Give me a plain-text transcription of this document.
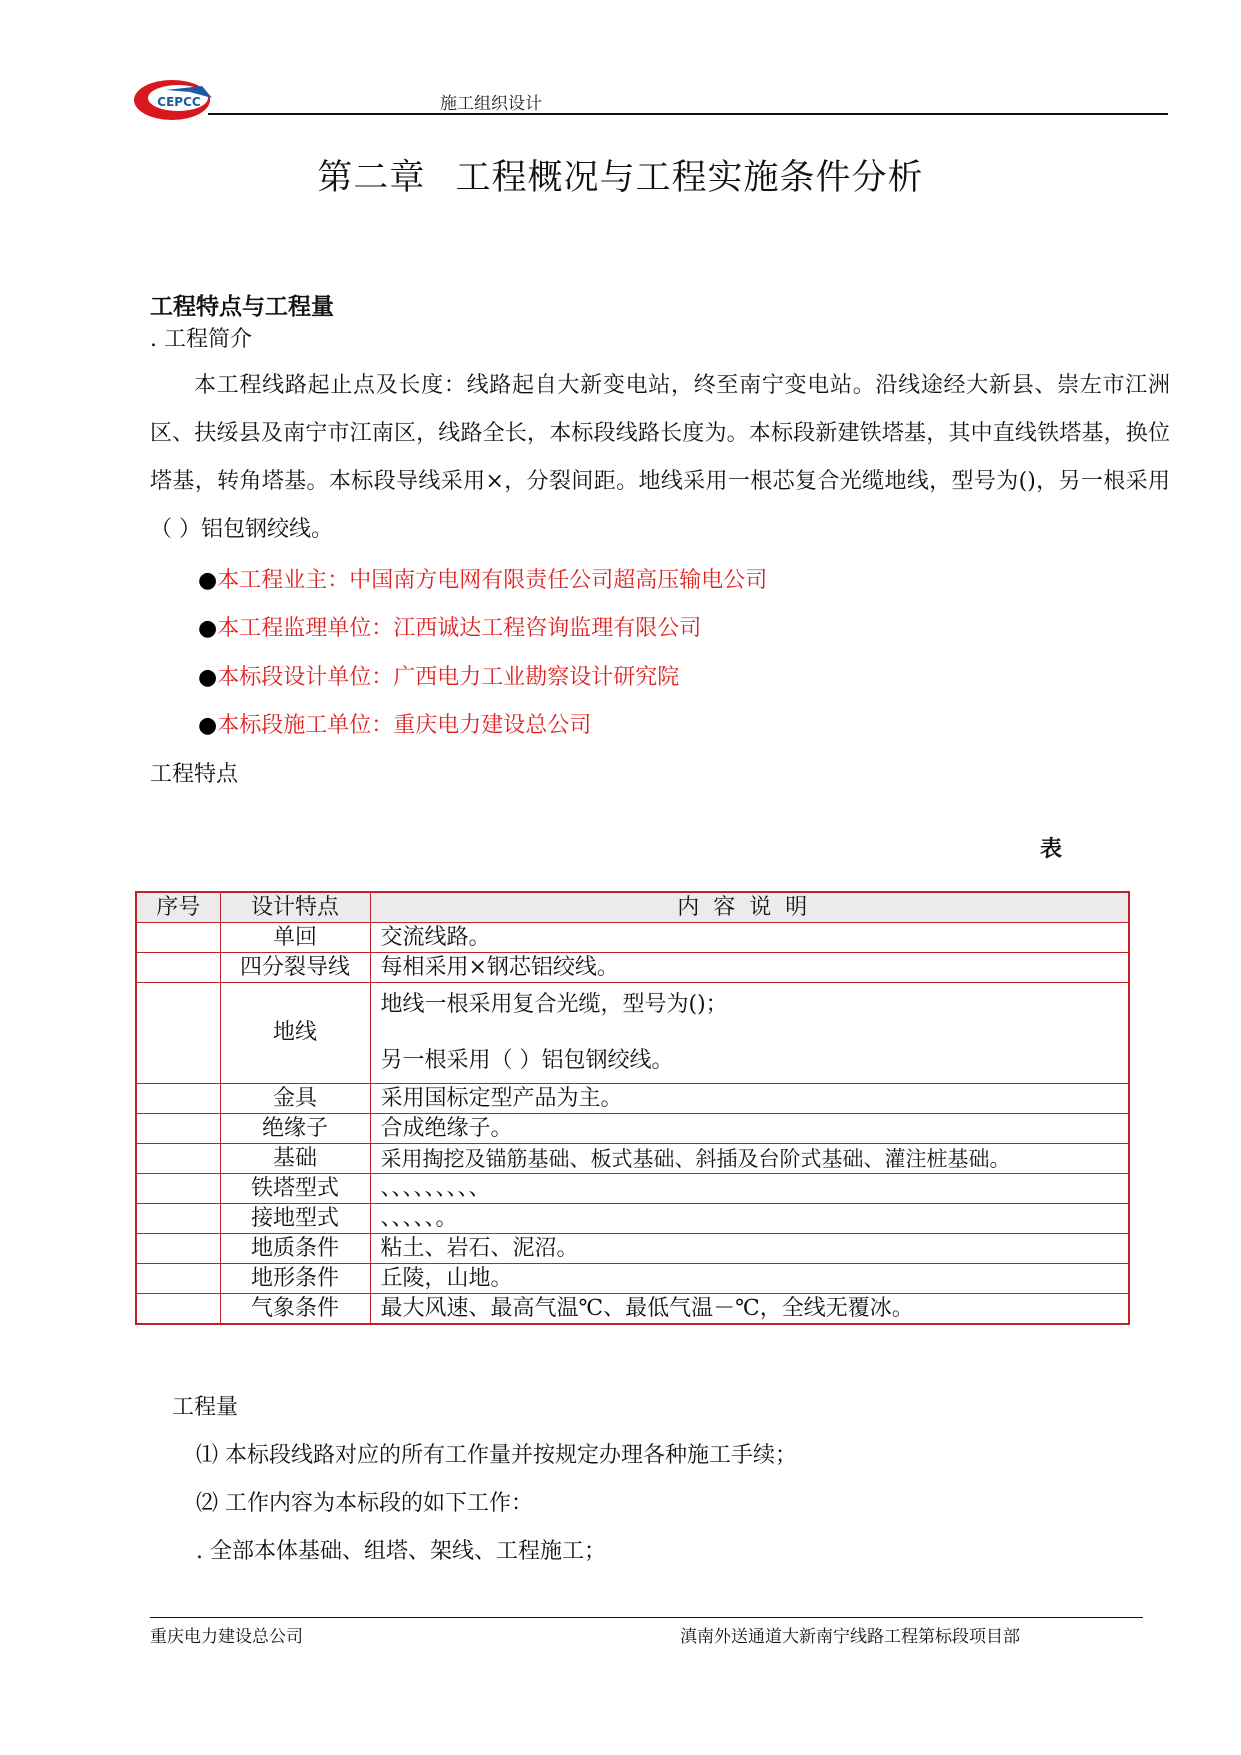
CEPCC	施工组织设计
第二章 工程概况与工程实施条件分析
工程特点与工程量
. 工程简介

本工程线路起止点及长度：线路起自大新变电站，终至南宁变电站。沿线途经大新县、崇左市江洲区、扶绥县及南宁市江南区，线路全长，本标段线路长度为。本标段新建铁塔基，其中直线铁塔基，换位塔基，转角塔基。本标段导线采用×，分裂间距。地线采用一根芯复合光缆地线，型号为()，另一根采用（ ）铝包钢绞线。

●本工程业主：中国南方电网有限责任公司超高压输电公司
●本工程监理单位：江西诚达工程咨询监理有限公司
●本标段设计单位：广西电力工业勘察设计研究院
●本标段施工单位：重庆电力建设总公司
工程特点
表
序号	设计特点	内容说明
	单回	交流线路。
	四分裂导线	每相采用×钢芯铝绞线。
	地线	地线一根采用复合光缆，型号为()；
另一根采用（ ）铝包钢绞线。

	金具	采用国标定型产品为主。
	绝缘子	合成绝缘子。
	基础	采用掏挖及锚筋基础、板式基础、斜插及台阶式基础、灌注桩基础。
	铁塔型式	、、、、、、、、、
	接地型式	、、、、、。
	地质条件	粘土、岩石、泥沼。
	地形条件	丘陵，山地。
	气象条件	最大风速、最高气温℃、最低气温－℃，全线无覆冰。
工程量
⑴ 本标段线路对应的所有工作量并按规定办理各种施工手续；
⑵ 工作内容为本标段的如下工作：
. 全部本体基础、组塔、架线、工程施工；
重庆电力建设总公司	滇南外送通道大新南宁线路工程第标段项目部
